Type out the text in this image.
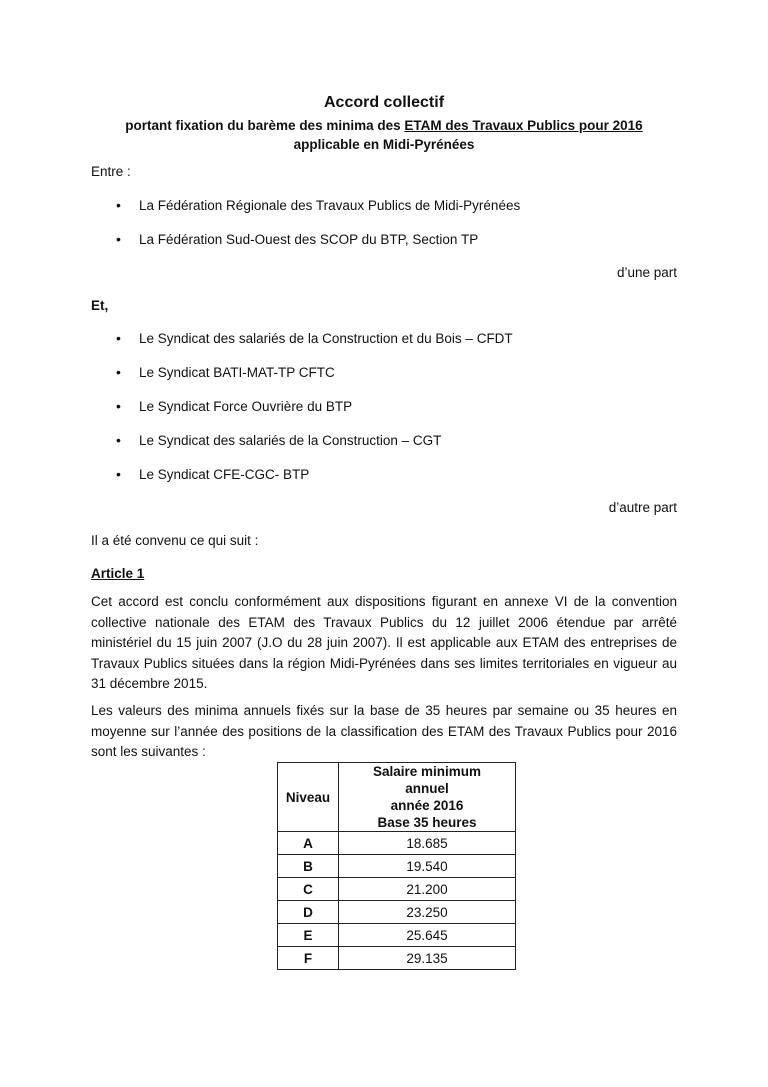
Accord collectif
portant fixation du barème des minima des ETAM des Travaux Publics pour 2016
applicable en Midi-Pyrénées
Entre :
• La Fédération Régionale des Travaux Publics de Midi-Pyrénées
• La Fédération Sud-Ouest des SCOP du BTP, Section TP
d’une part
Et,
• Le Syndicat des salariés de la Construction et du Bois – CFDT
• Le Syndicat BATI-MAT-TP CFTC
• Le Syndicat Force Ouvrière du BTP
• Le Syndicat des salariés de la Construction – CGT
• Le Syndicat CFE-CGC- BTP
d’autre part
Il a été convenu ce qui suit :
Article 1
Cet accord est conclu conformément aux dispositions figurant en annexe VI de la convention collective nationale des ETAM des Travaux Publics du 12 juillet 2006 étendue par arrêté ministériel du 15 juin 2007 (J.O du 28 juin 2007). Il est applicable aux ETAM des entreprises de Travaux Publics situées dans la région Midi-Pyrénées dans ses limites territoriales en vigueur au 31 décembre 2015.
Les valeurs des minima annuels fixés sur la base de 35 heures par semaine ou 35 heures en moyenne sur l’année des positions de la classification des ETAM des Travaux Publics pour 2016 sont les suivantes :
Niveau	Salaire minimum
annuel
année 2016
Base 35 heures

A	18.685
B	19.540
C	21.200
D	23.250
E	25.645
F	29.135
